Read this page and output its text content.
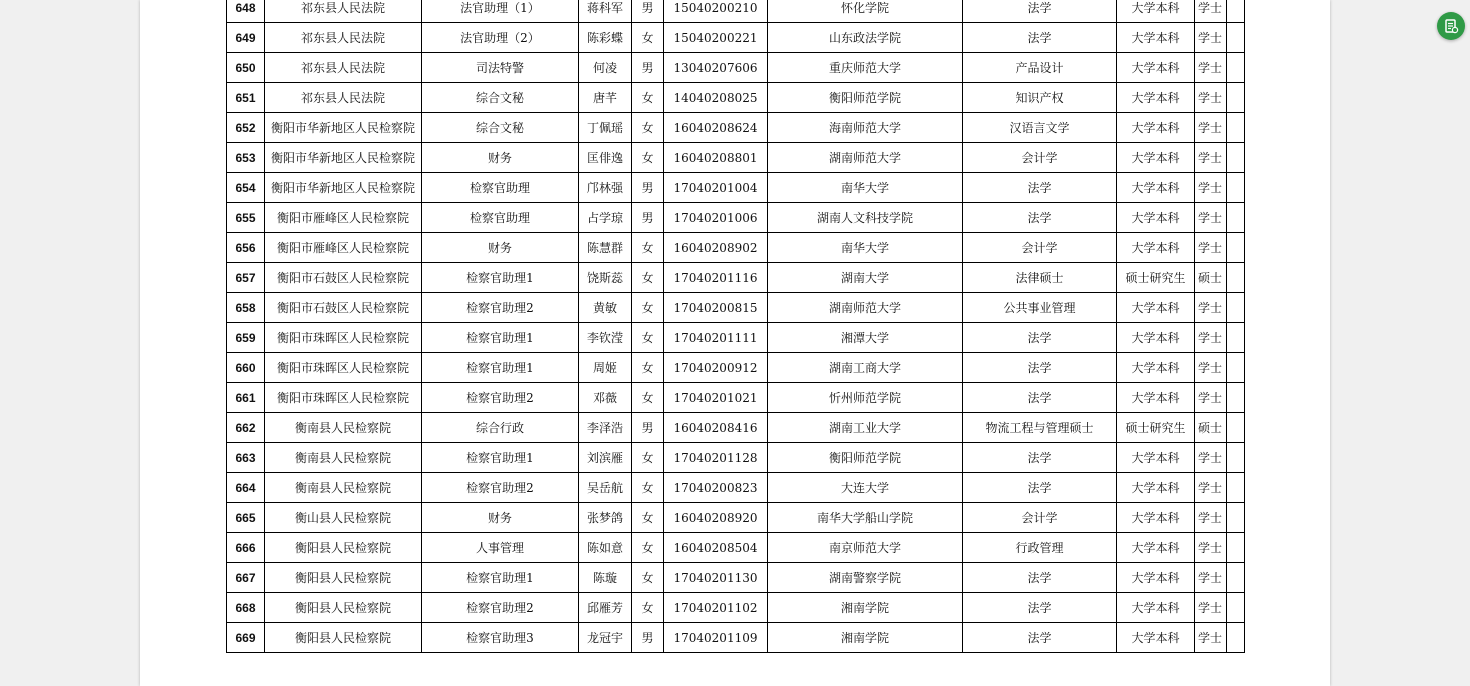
648	祁东县人民法院	法官助理（1）	蒋科军	男	15040200210	怀化学院	法学	大学本科	学士	
649	祁东县人民法院	法官助理（2）	陈彩蝶	女	15040200221	山东政法学院	法学	大学本科	学士	
650	祁东县人民法院	司法特警	何凌	男	13040207606	重庆师范大学	产品设计	大学本科	学士	
651	祁东县人民法院	综合文秘	唐芊	女	14040208025	衡阳师范学院	知识产权	大学本科	学士	
652	衡阳市华新地区人民检察院	综合文秘	丁佩瑶	女	16040208624	海南师范大学	汉语言文学	大学本科	学士	
653	衡阳市华新地区人民检察院	财务	匡俳逸	女	16040208801	湖南师范大学	会计学	大学本科	学士	
654	衡阳市华新地区人民检察院	检察官助理	邝林强	男	17040201004	南华大学	法学	大学本科	学士	
655	衡阳市雁峰区人民检察院	检察官助理	占学琼	男	17040201006	湖南人文科技学院	法学	大学本科	学士	
656	衡阳市雁峰区人民检察院	财务	陈慧群	女	16040208902	南华大学	会计学	大学本科	学士	
657	衡阳市石鼓区人民检察院	检察官助理1	饶斯蕊	女	17040201116	湖南大学	法律硕士	硕士研究生	硕士	
658	衡阳市石鼓区人民检察院	检察官助理2	黄敏	女	17040200815	湖南师范大学	公共事业管理	大学本科	学士	
659	衡阳市珠晖区人民检察院	检察官助理1	李钦滢	女	17040201111	湘潭大学	法学	大学本科	学士	
660	衡阳市珠晖区人民检察院	检察官助理1	周姬	女	17040200912	湖南工商大学	法学	大学本科	学士	
661	衡阳市珠晖区人民检察院	检察官助理2	邓薇	女	17040201021	忻州师范学院	法学	大学本科	学士	
662	衡南县人民检察院	综合行政	李泽浩	男	16040208416	湖南工业大学	物流工程与管理硕士	硕士研究生	硕士	
663	衡南县人民检察院	检察官助理1	刘滨雁	女	17040201128	衡阳师范学院	法学	大学本科	学士	
664	衡南县人民检察院	检察官助理2	吴岳航	女	17040200823	大连大学	法学	大学本科	学士	
665	衡山县人民检察院	财务	张梦鸽	女	16040208920	南华大学船山学院	会计学	大学本科	学士	
666	衡阳县人民检察院	人事管理	陈如意	女	16040208504	南京师范大学	行政管理	大学本科	学士	
667	衡阳县人民检察院	检察官助理1	陈璇	女	17040201130	湖南警察学院	法学	大学本科	学士	
668	衡阳县人民检察院	检察官助理2	邱雁芳	女	17040201102	湘南学院	法学	大学本科	学士	
669	衡阳县人民检察院	检察官助理3	龙冠宇	男	17040201109	湘南学院	法学	大学本科	学士	
